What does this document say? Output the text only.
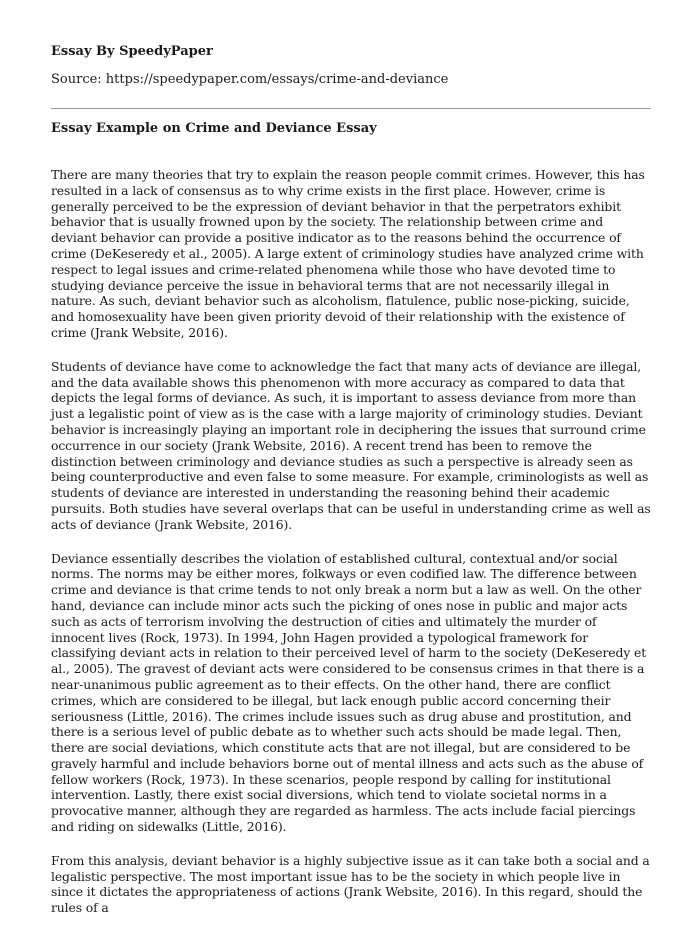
Essay By SpeedyPaper
Source: https://speedypaper.com/essays/crime-and-deviance
Essay Example on Crime and Deviance Essay

There are many theories that try to explain the reason people commit crimes. However, this has resulted in a lack of consensus as to why crime exists in the first place. However, crime is generally perceived to be the expression of deviant behavior in that the perpetrators exhibit behavior that is usually frowned upon by the society. The relationship between crime and deviant behavior can provide a positive indicator as to the reasons behind the occurrence of crime (DeKeseredy et al., 2005). A large extent of criminology studies have analyzed crime with respect to legal issues and crime-related phenomena while those who have devoted time to studying deviance perceive the issue in behavioral terms that are not necessarily illegal in nature. As such, deviant behavior such as alcoholism, flatulence, public nose-picking, suicide, and homosexuality have been given priority devoid of their relationship with the existence of crime (Jrank Website, 2016).

Students of deviance have come to acknowledge the fact that many acts of deviance are illegal, and the data available shows this phenomenon with more accuracy as compared to data that depicts the legal forms of deviance. As such, it is important to assess deviance from more than just a legalistic point of view as is the case with a large majority of criminology studies. Deviant behavior is increasingly playing an important role in deciphering the issues that surround crime occurrence in our society (Jrank Website, 2016). A recent trend has been to remove the distinction between criminology and deviance studies as such a perspective is already seen as being counterproductive and even false to some measure. For example, criminologists as well as students of deviance are interested in understanding the reasoning behind their academic pursuits. Both studies have several overlaps that can be useful in understanding crime as well as acts of deviance (Jrank Website, 2016).

Deviance essentially describes the violation of established cultural, contextual and/or social norms. The norms may be either mores, folkways or even codified law. The difference between crime and deviance is that crime tends to not only break a norm but a law as well. On the other hand, deviance can include minor acts such the picking of ones nose in public and major acts such as acts of terrorism involving the destruction of cities and ultimately the murder of innocent lives (Rock, 1973). In 1994, John Hagen provided a typological framework for classifying deviant acts in relation to their perceived level of harm to the society (DeKeseredy et al., 2005). The gravest of deviant acts were considered to be consensus crimes in that there is a near-unanimous public agreement as to their effects. On the other hand, there are conflict crimes, which are considered to be illegal, but lack enough public accord concerning their seriousness (Little, 2016). The crimes include issues such as drug abuse and prostitution, and there is a serious level of public debate as to whether such acts should be made legal. Then, there are social deviations, which constitute acts that are not illegal, but are considered to be gravely harmful and include behaviors borne out of mental illness and acts such as the abuse of fellow workers (Rock, 1973). In these scenarios, people respond by calling for institutional intervention. Lastly, there exist social diversions, which tend to violate societal norms in a provocative manner, although they are regarded as harmless. The acts include facial piercings and riding on sidewalks (Little, 2016).

From this analysis, deviant behavior is a highly subjective issue as it can take both a social and a legalistic perspective. The most important issue has to be the society in which people live in since it dictates the appropriateness of actions (Jrank Website, 2016). In this regard, should the rules of a
